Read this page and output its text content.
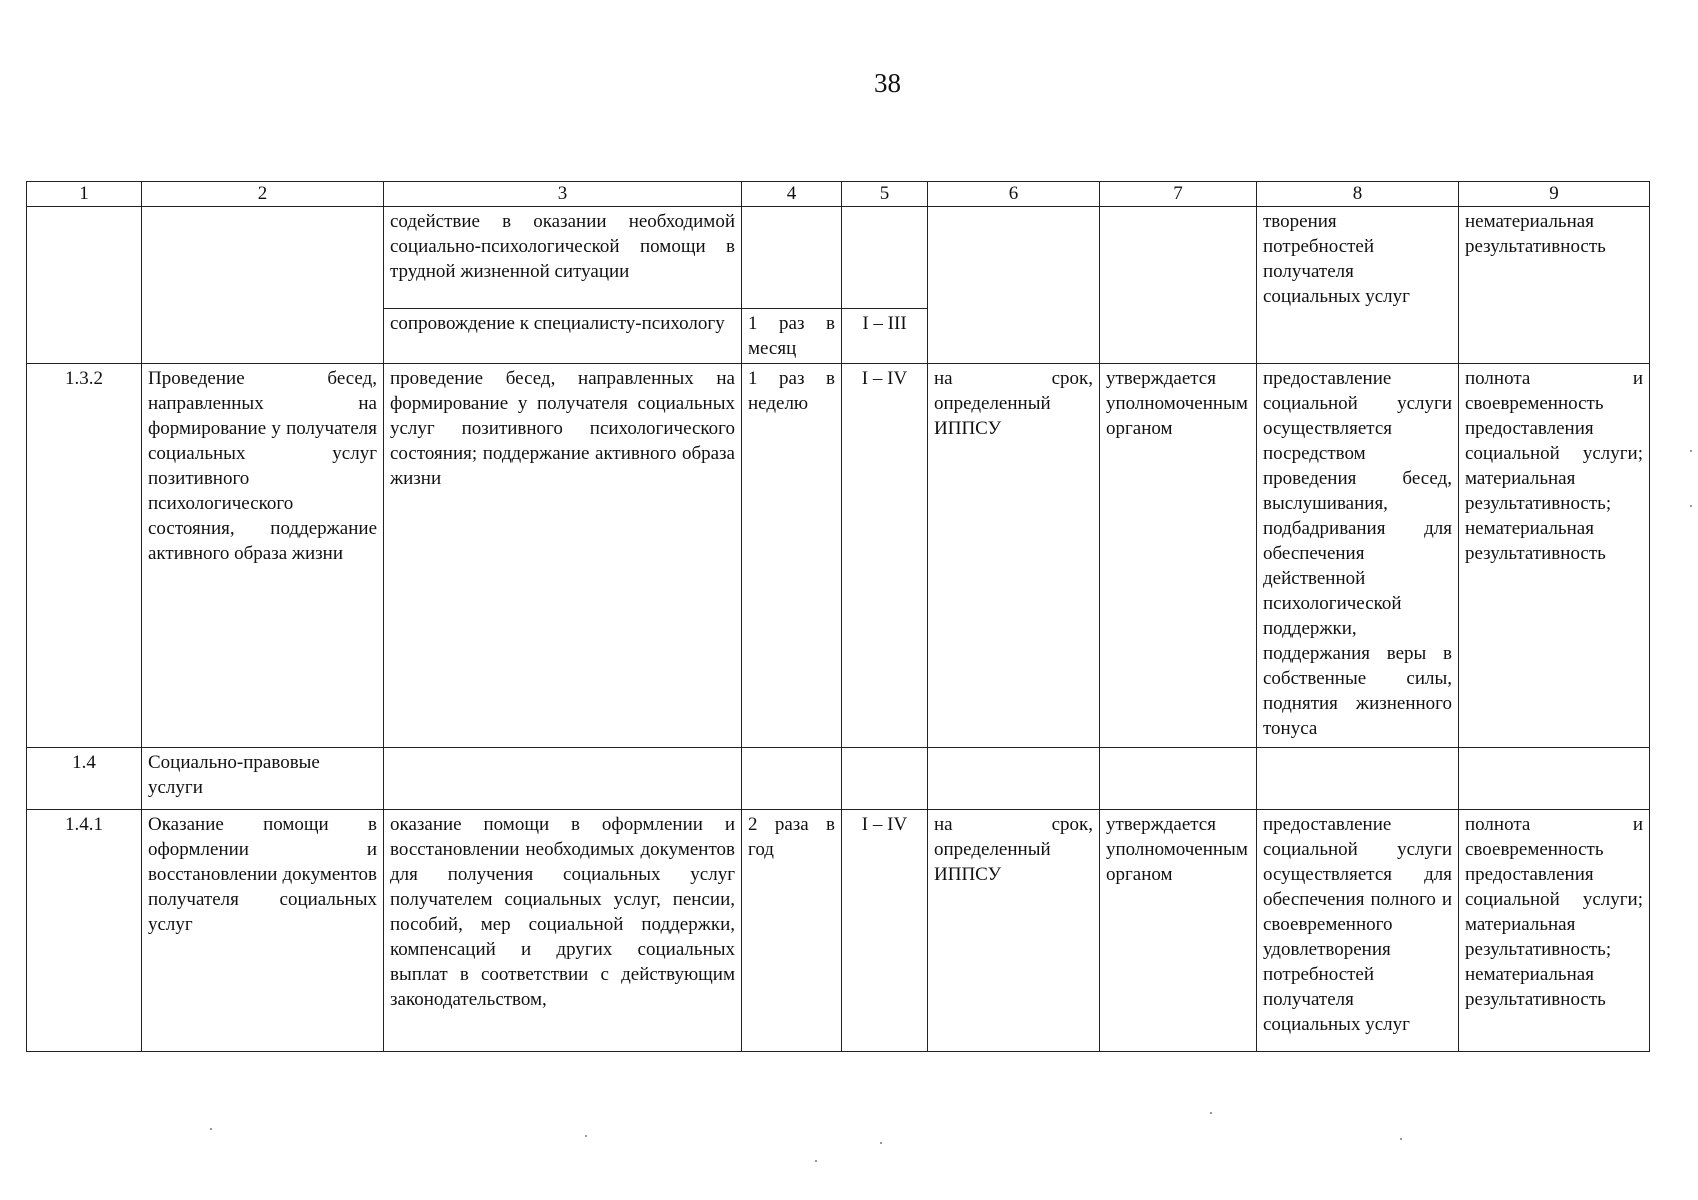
38
1	2	3	4	5	6	7	8	9
		содействие в оказании необходимой социально-психологической помощи в трудной жизненной ситуации					творения потребностей получателя социальных услуг	нематериальная результативность
		сопровождение к специалисту-психологу	1 раз в месяц	I – III				
1.3.2	Проведение бесед, направленных на формирование у получателя социальных услуг позитивного психологического состояния, поддержание активного образа жизни	проведение бесед, направленных на формирование у получателя социальных услуг позитивного психологического состояния; поддержание активного образа жизни	1 раз в неделю	I – IV	на срок, определенный ИППСУ	утверждается уполномоченным органом	предоставление социальной услуги осуществляется посредством проведения бесед, выслушивания, подбадривания для обеспечения действенной психологической поддержки, поддержания веры в собственные силы, поднятия жизненного тонуса	полнота и своевременность предоставления социальной услуги; материальная результативность; нематериальная результативность
1.4	Социально-правовые услуги							
1.4.1	Оказание помощи в оформлении и восстановлении документов получателя социальных услуг	оказание помощи в оформлении и восстановлении необходимых документов для получения социальных услуг получателем социальных услуг, пенсии, пособий, мер социальной поддержки, компенсаций и других социальных выплат в соответствии с действующим законодательством,	2 раза в год	I – IV	на срок, определенный ИППСУ	утверждается уполномоченным органом	предоставление социальной услуги осуществляется для обеспечения полного и своевременного удовлетворения потребностей получателя социальных услуг	полнота и своевременность предоставления социальной услуги; материальная результативность; нематериальная результативность
